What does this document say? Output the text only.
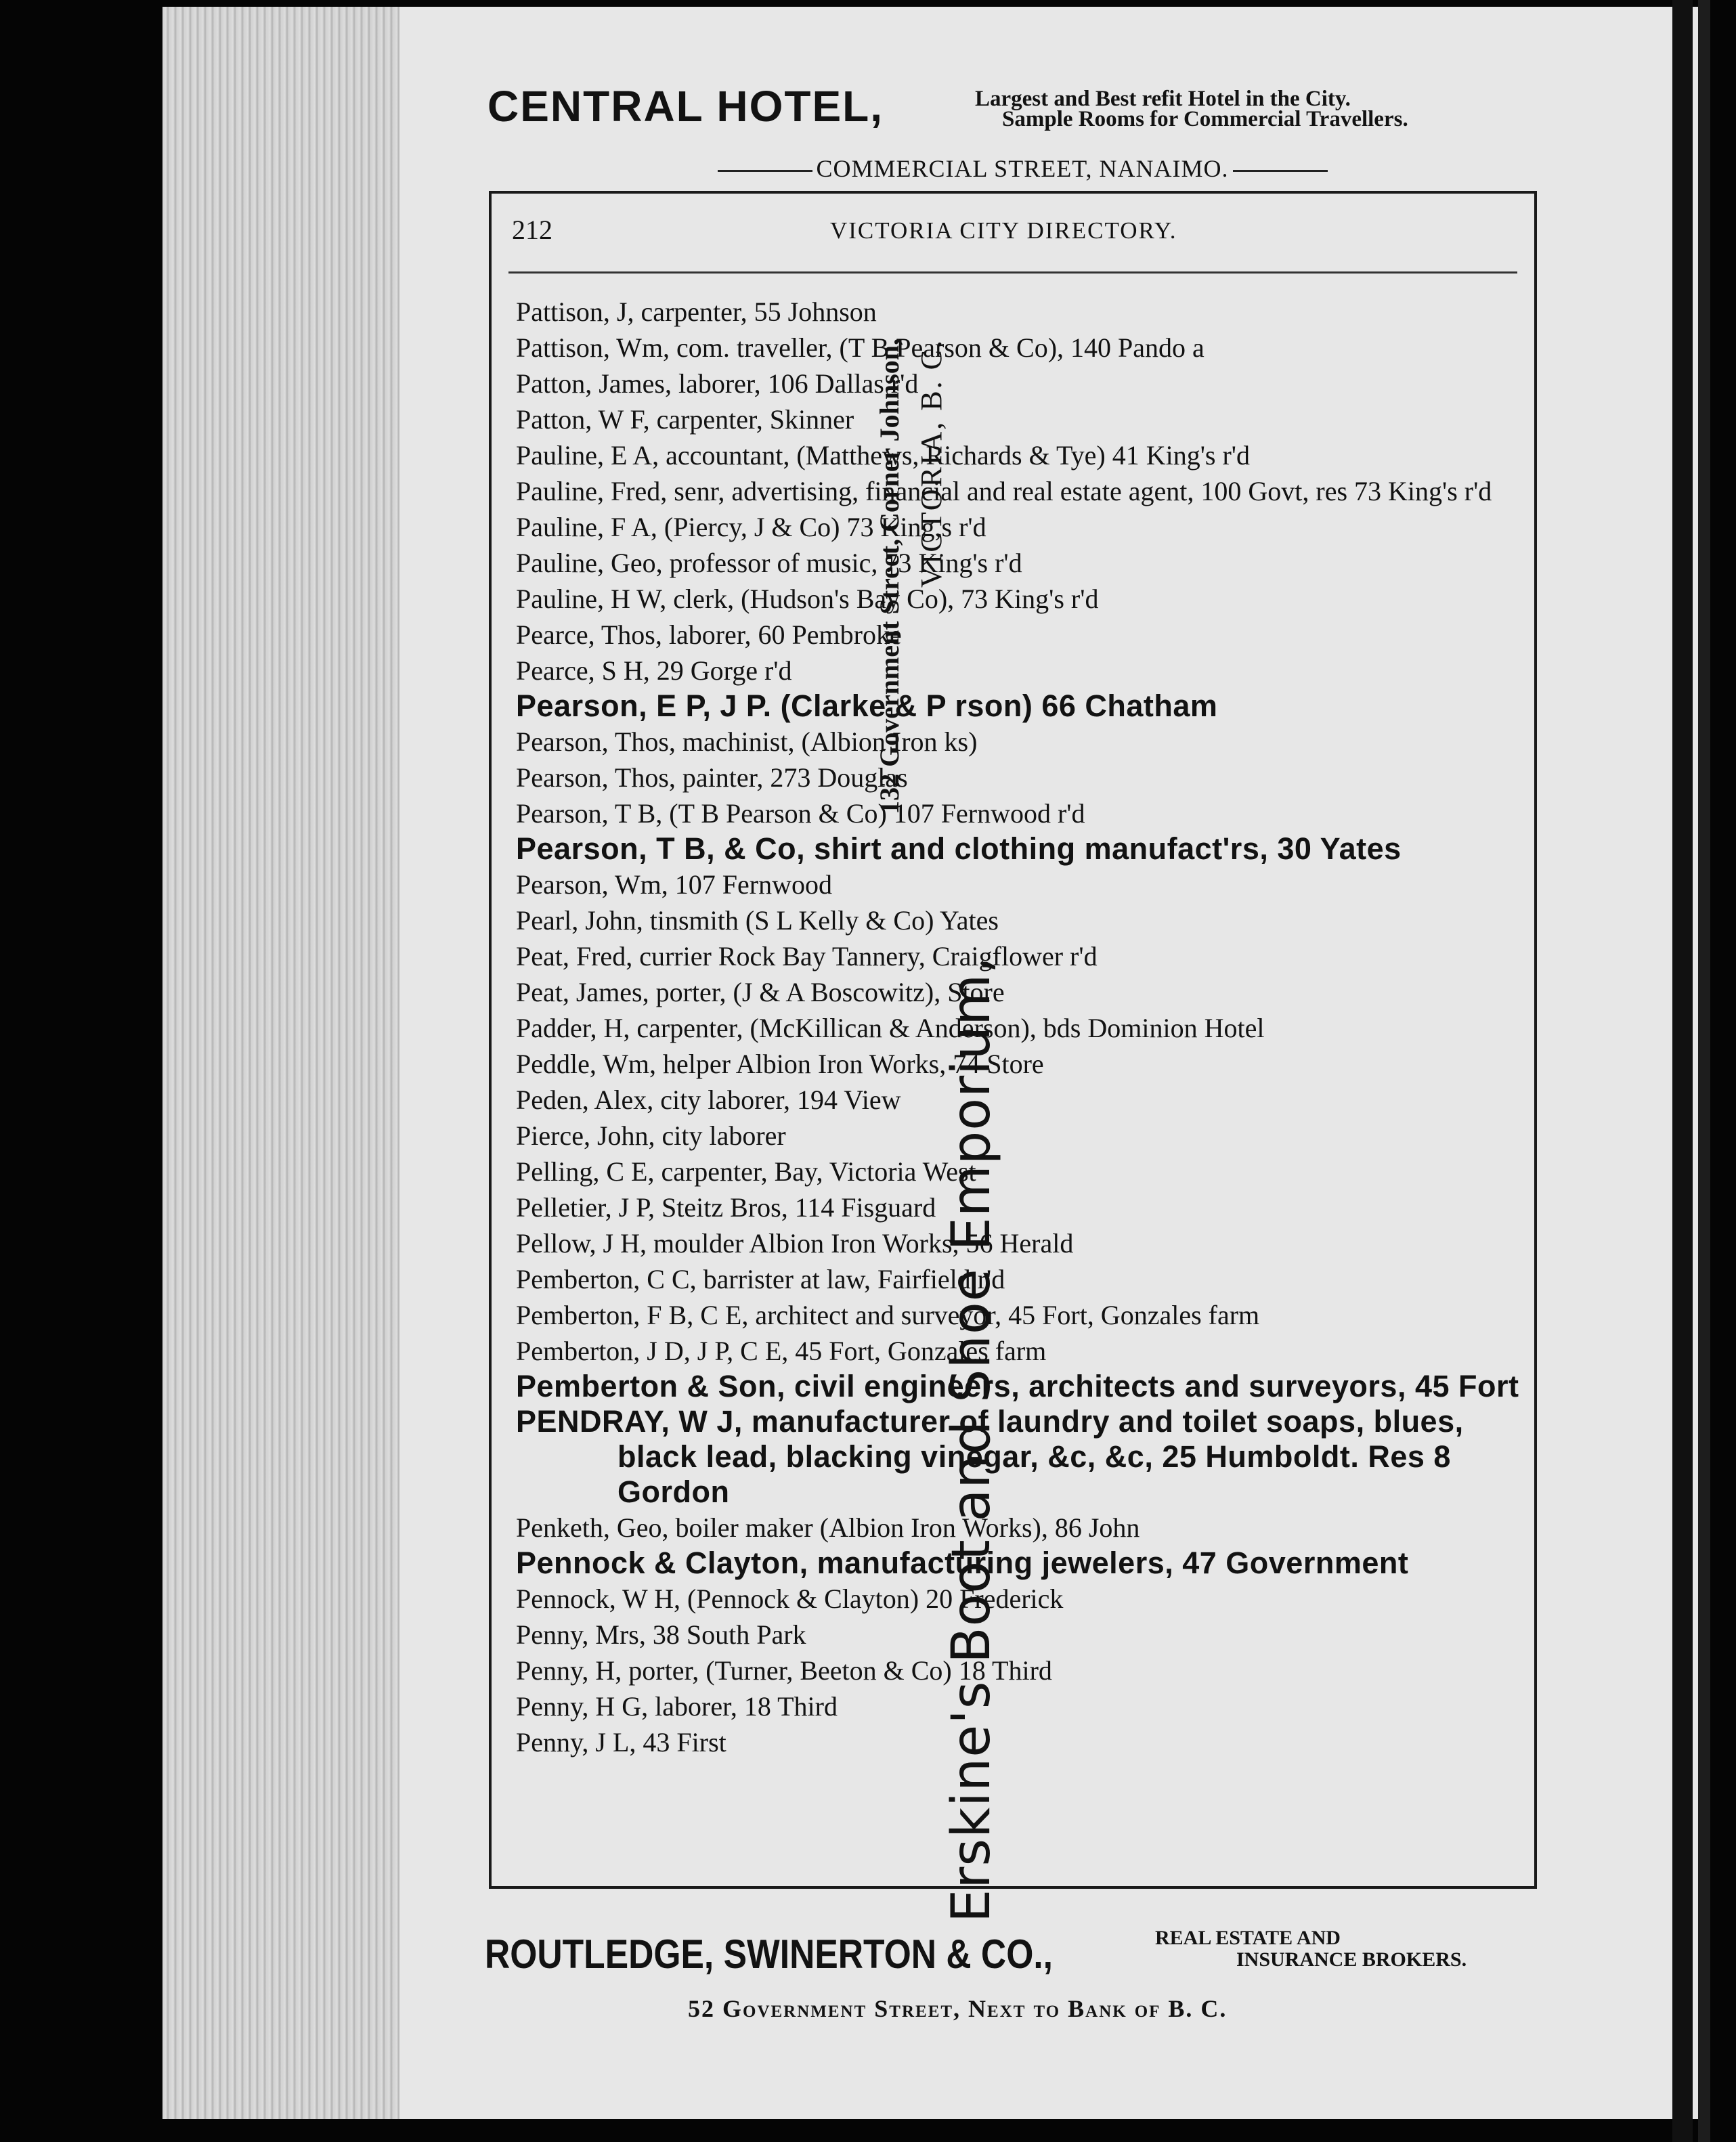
CENTRAL HOTEL,	Largest and Best refit Hotel in the City.
Sample Rooms for Commercial Travellers.
COMMERCIAL STREET, NANAIMO.
132 Government Street, Corner Johnson, VICTORIA, B. C.
Erskine's Boot and Shoe Emporium,
212	VICTORIA CITY DIRECTORY.

Pattison, J, carpenter, 55 Johnson

Pattison, Wm, com. traveller, (T B Pearson & Co), 140 Pando a

Patton, James, laborer, 106 Dallas r'd

Patton, W F, carpenter, Skinner

Pauline, E A, accountant, (Matthews, Richards & Tye) 41 King's r'd

Pauline, Fred, senr, advertising, financial and real estate agent, 100 Govt, res 73 King's r'd

Pauline, F A, (Piercy, J & Co) 73 King,s r'd

Pauline, Geo, professor of music, 73 King's r'd

Pauline, H W, clerk, (Hudson's Bay Co), 73 King's r'd

Pearce, Thos, laborer, 60 Pembroke

Pearce, S H, 29 Gorge r'd

Pearson, E P, J P. (Clarke & P rson) 66 Chatham

Pearson, Thos, machinist, (Albion Iron ks)

Pearson, Thos, painter, 273 Douglas

Pearson, T B, (T B Pearson & Co) 107 Fernwood r'd

Pearson, T B, & Co, shirt and clothing manufact'rs, 30 Yates

Pearson, Wm, 107 Fernwood

Pearl, John, tinsmith (S L Kelly & Co) Yates

Peat, Fred, currier Rock Bay Tannery, Craigflower r'd

Peat, James, porter, (J & A Boscowitz), Store

Padder, H, carpenter, (McKillican & Anderson), bds Dominion Hotel

Peddle, Wm, helper Albion Iron Works, 74 Store

Peden, Alex, city laborer, 194 View

Pierce, John, city laborer

Pelling, C E, carpenter, Bay, Victoria West

Pelletier, J P, Steitz Bros, 114 Fisguard

Pellow, J H, moulder Albion Iron Works, 56 Herald

Pemberton, C C, barrister at law, Fairfield r'd

Pemberton, F B, C E, architect and surveyor, 45 Fort, Gonzales farm

Pemberton, J D, J P, C E, 45 Fort, Gonzales farm

Pemberton & Son, civil engineers, architects and surveyors, 45 Fort

PENDRAY, W J, manufacturer of laundry and toilet soaps, blues, black lead, blacking vinegar, &c, &c, 25 Humboldt. Res 8 Gordon

Penketh, Geo, boiler maker (Albion Iron Works), 86 John

Pennock & Clayton, manufacturing jewelers, 47 Government

Pennock, W H, (Pennock & Clayton) 20 Frederick

Penny, Mrs, 38 South Park

Penny, H, porter, (Turner, Beeton & Co) 18 Third

Penny, H G, laborer, 18 Third

Penny, J L, 43 First

ROUTLEDGE, SWINERTON & CO.,	REAL ESTATE AND
INSURANCE BROKERS.
52 Government Street, Next to Bank of B. C.
